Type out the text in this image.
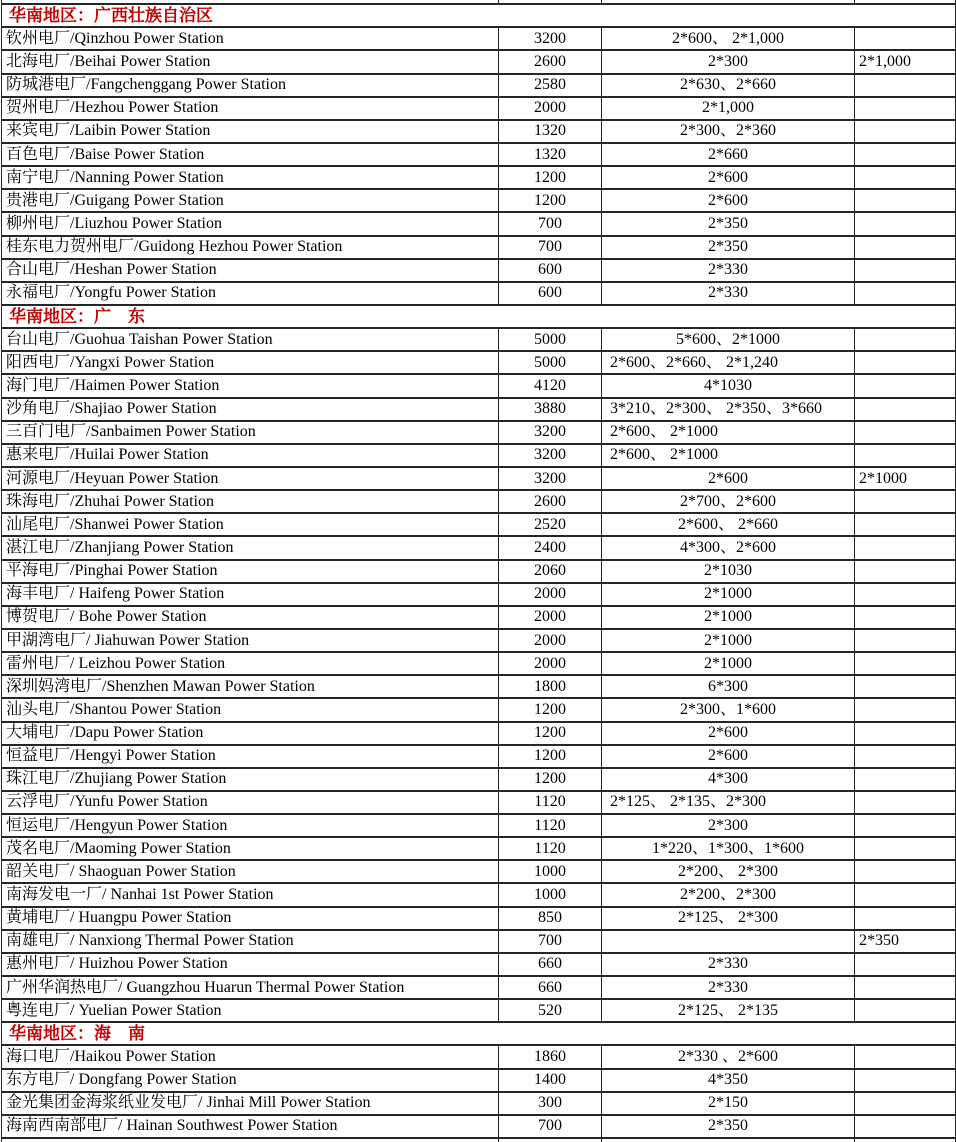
华南地区：广西壮族自治区			
钦州电厂/Qinzhou Power Station	3200	2*600、 2*1,000	
北海电厂/Beihai Power Station	2600	2*300	2*1,000
防城港电厂/Fangchenggang Power Station	2580	2*630、2*660	
贺州电厂/Hezhou Power Station	2000	2*1,000	
来宾电厂/Laibin Power Station	1320	2*300、2*360	
百色电厂/Baise Power Station	1320	2*660	
南宁电厂/Nanning Power Station	1200	2*600	
贵港电厂/Guigang Power Station	1200	2*600	
柳州电厂/Liuzhou Power Station	700	2*350	
桂东电力贺州电厂/Guidong Hezhou Power Station	700	2*350	
合山电厂/Heshan Power Station	600	2*330	
永福电厂/Yongfu Power Station	600	2*330	
华南地区：广　东			
台山电厂/Guohua Taishan Power Station	5000	5*600、2*1000	
阳西电厂/Yangxi Power Station	5000	2*600、2*660、 2*1,240	
海门电厂/Haimen Power Station	4120	4*1030	
沙角电厂/Shajiao Power Station	3880	3*210、2*300、 2*350、3*660	
三百门电厂/Sanbaimen Power Station	3200	2*600、 2*1000	
惠来电厂/Huilai Power Station	3200	2*600、 2*1000	
河源电厂/Heyuan Power Station	3200	2*600	2*1000
珠海电厂/Zhuhai Power Station	2600	2*700、2*600	
汕尾电厂/Shanwei Power Station	2520	2*600、 2*660	
湛江电厂/Zhanjiang Power Station	2400	4*300、2*600	
平海电厂/Pinghai Power Station	2060	2*1030	
海丰电厂/ Haifeng Power Station	2000	2*1000	
博贺电厂/ Bohe Power Station	2000	2*1000	
甲湖湾电厂/ Jiahuwan Power Station	2000	2*1000	
雷州电厂/ Leizhou Power Station	2000	2*1000	
深圳妈湾电厂/Shenzhen Mawan Power Station	1800	6*300	
汕头电厂/Shantou Power Station	1200	2*300、1*600	
大埔电厂/Dapu Power Station	1200	2*600	
恒益电厂/Hengyi Power Station	1200	2*600	
珠江电厂/Zhujiang Power Station	1200	4*300	
云浮电厂/Yunfu Power Station	1120	2*125、 2*135、2*300	
恒运电厂/Hengyun Power Station	1120	2*300	
茂名电厂/Maoming Power Station	1120	1*220、1*300、1*600	
韶关电厂/ Shaoguan Power Station	1000	2*200、 2*300	
南海发电一厂/ Nanhai 1st Power Station	1000	2*200、2*300	
黄埔电厂/ Huangpu Power Station	850	2*125、 2*300	
南雄电厂/ Nanxiong Thermal Power Station	700		2*350
惠州电厂/ Huizhou Power Station	660	2*330	
广州华润热电厂/ Guangzhou Huarun Thermal Power Station	660	2*330	
粤连电厂/ Yuelian Power Station	520	2*125、 2*135	
华南地区：海　南			
海口电厂/Haikou Power Station	1860	2*330 、2*600	
东方电厂/ Dongfang Power Station	1400	4*350	
金光集团金海浆纸业发电厂/ Jinhai Mill Power Station	300	2*150	
海南西南部电厂/ Hainan Southwest Power Station	700	2*350	
